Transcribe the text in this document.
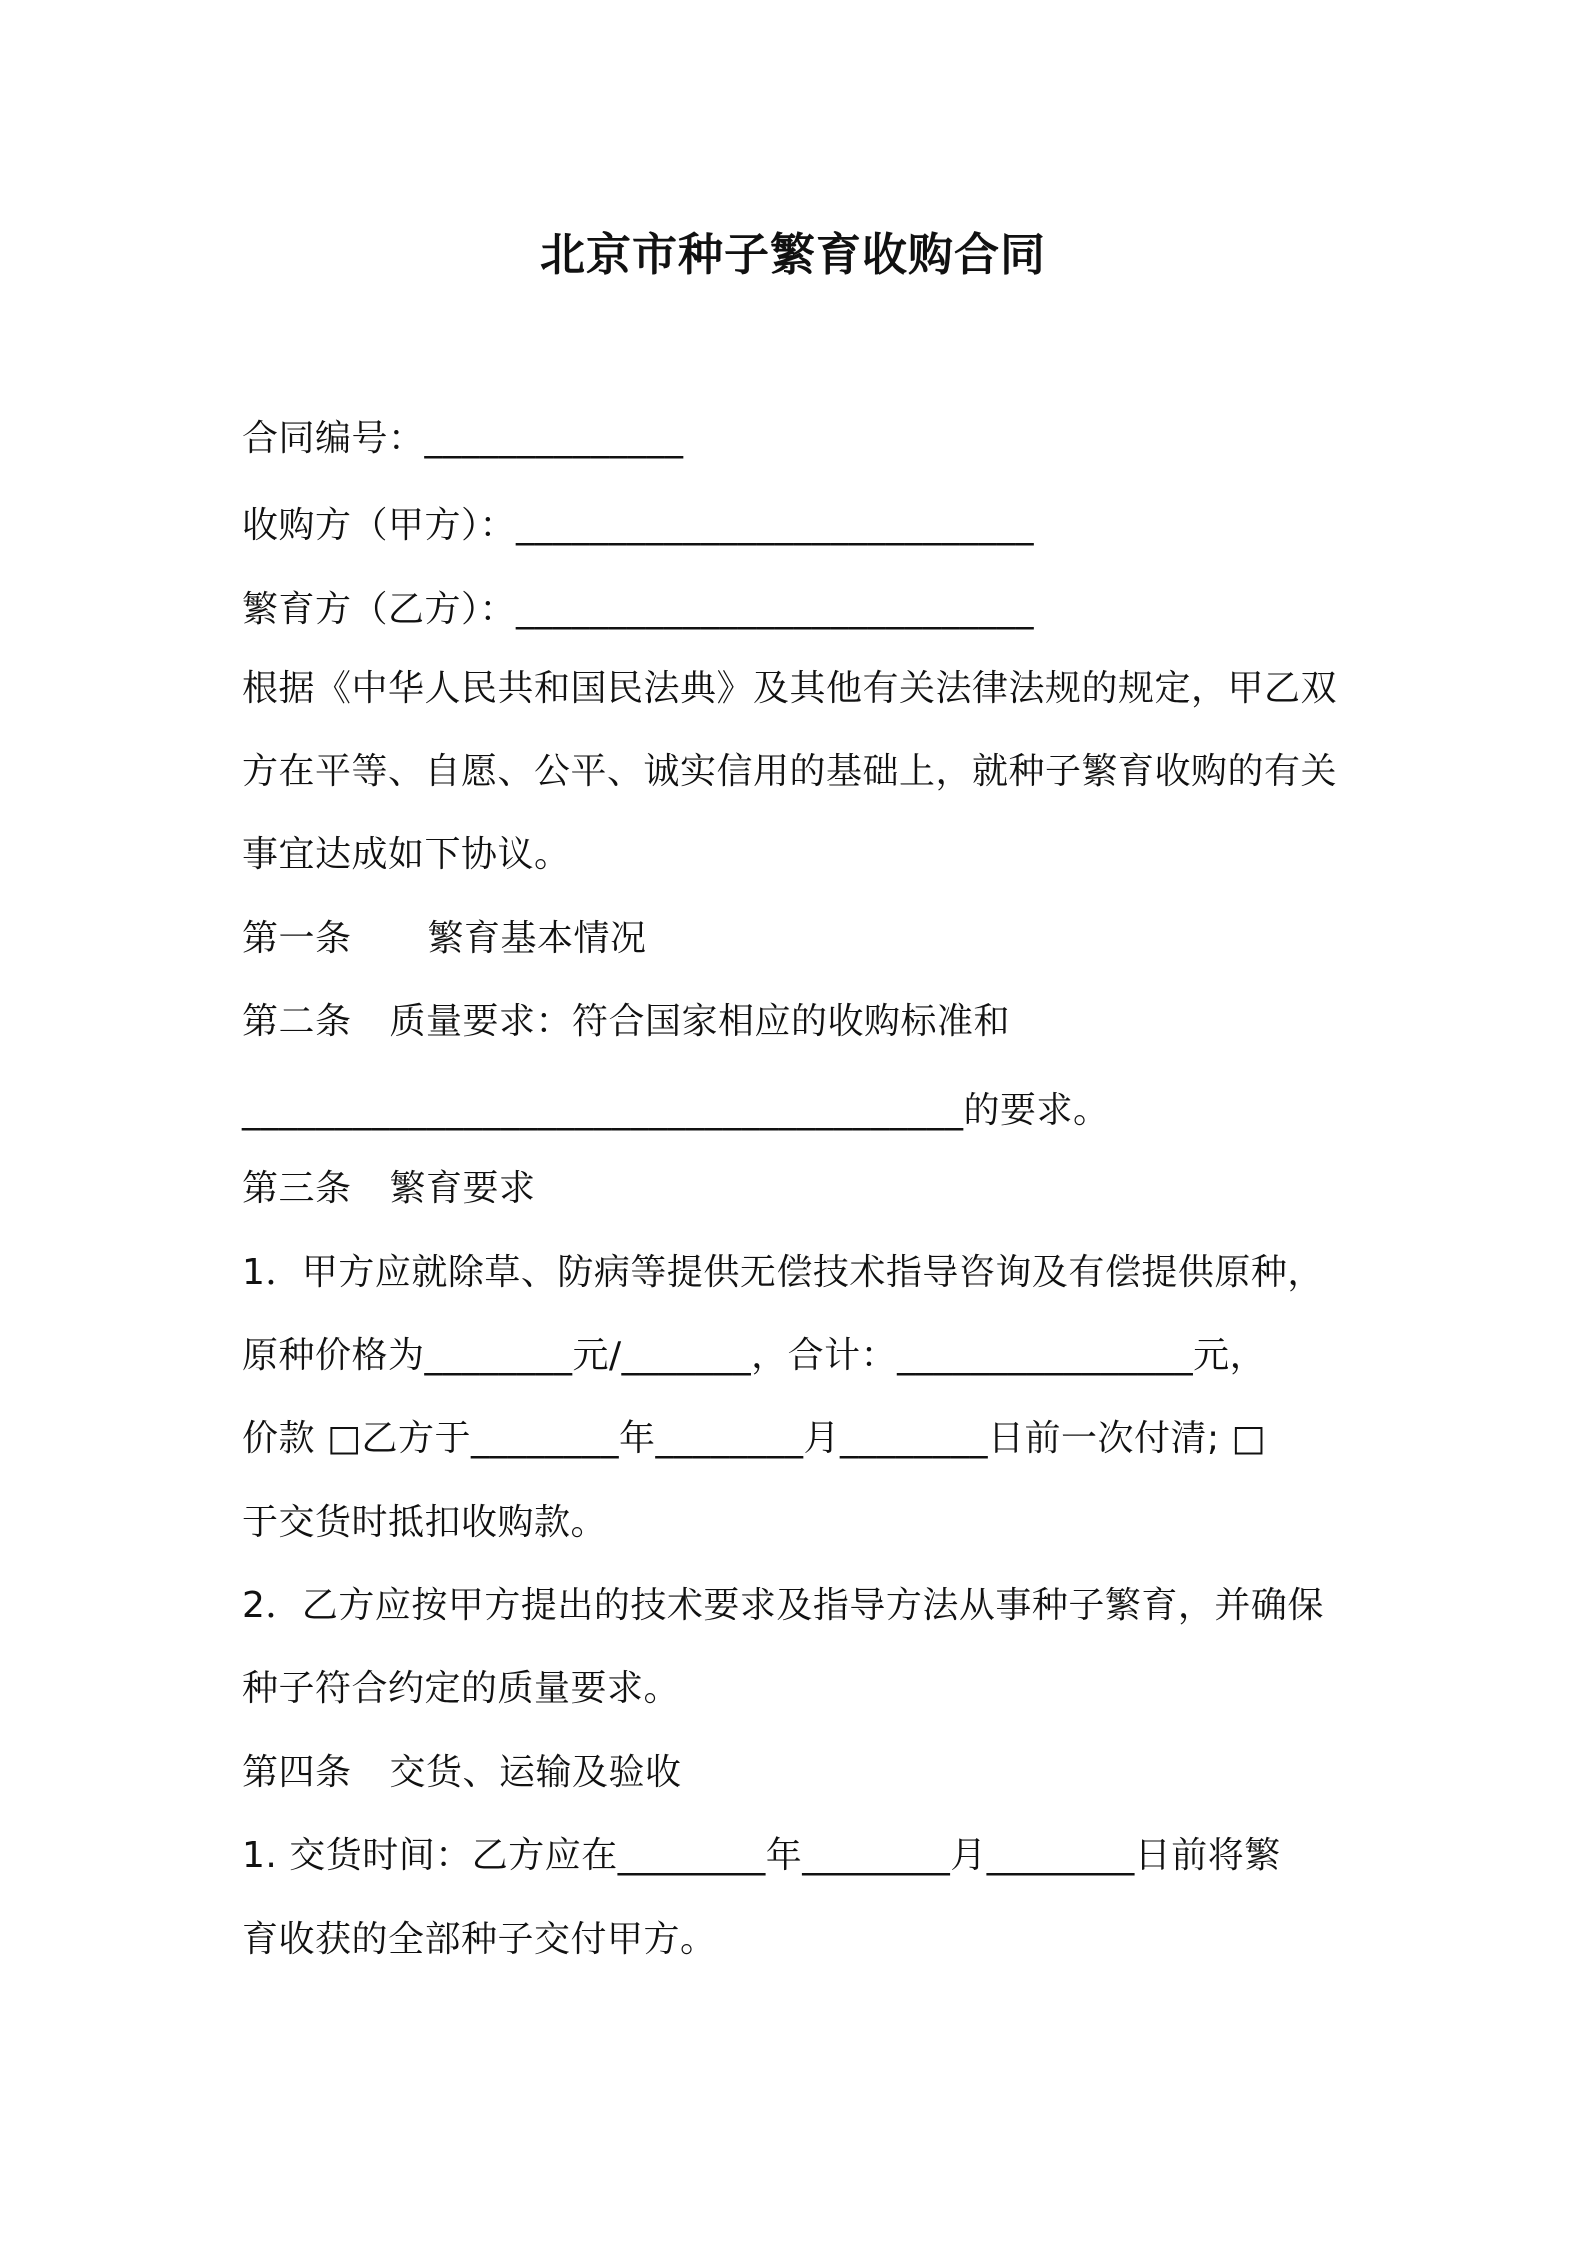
北京市种子繁育收购合同
合同编号：______________
收购方（甲方）：____________________________
繁育方（乙方）：____________________________
根据《中华人民共和国民法典》及其他有关法律法规的规定，甲乙双
方在平等、自愿、公平、诚实信用的基础上，就种子繁育收购的有关
事宜达成如下协议。
第一条 繁育基本情况
第二条 质量要求：符合国家相应的收购标准和
_______________________________________的要求。
第三条 繁育要求
1．甲方应就除草、防病等提供无偿技术指导咨询及有偿提供原种，
原种价格为________元/_______，合计：________________元，
价款 □乙方于________年________月________日前一次付清; □
于交货时抵扣收购款。
2．乙方应按甲方提出的技术要求及指导方法从事种子繁育，并确保
种子符合约定的质量要求。
第四条 交货、运输及验收
1. 交货时间：乙方应在________年________月________日前将繁
育收获的全部种子交付甲方。
